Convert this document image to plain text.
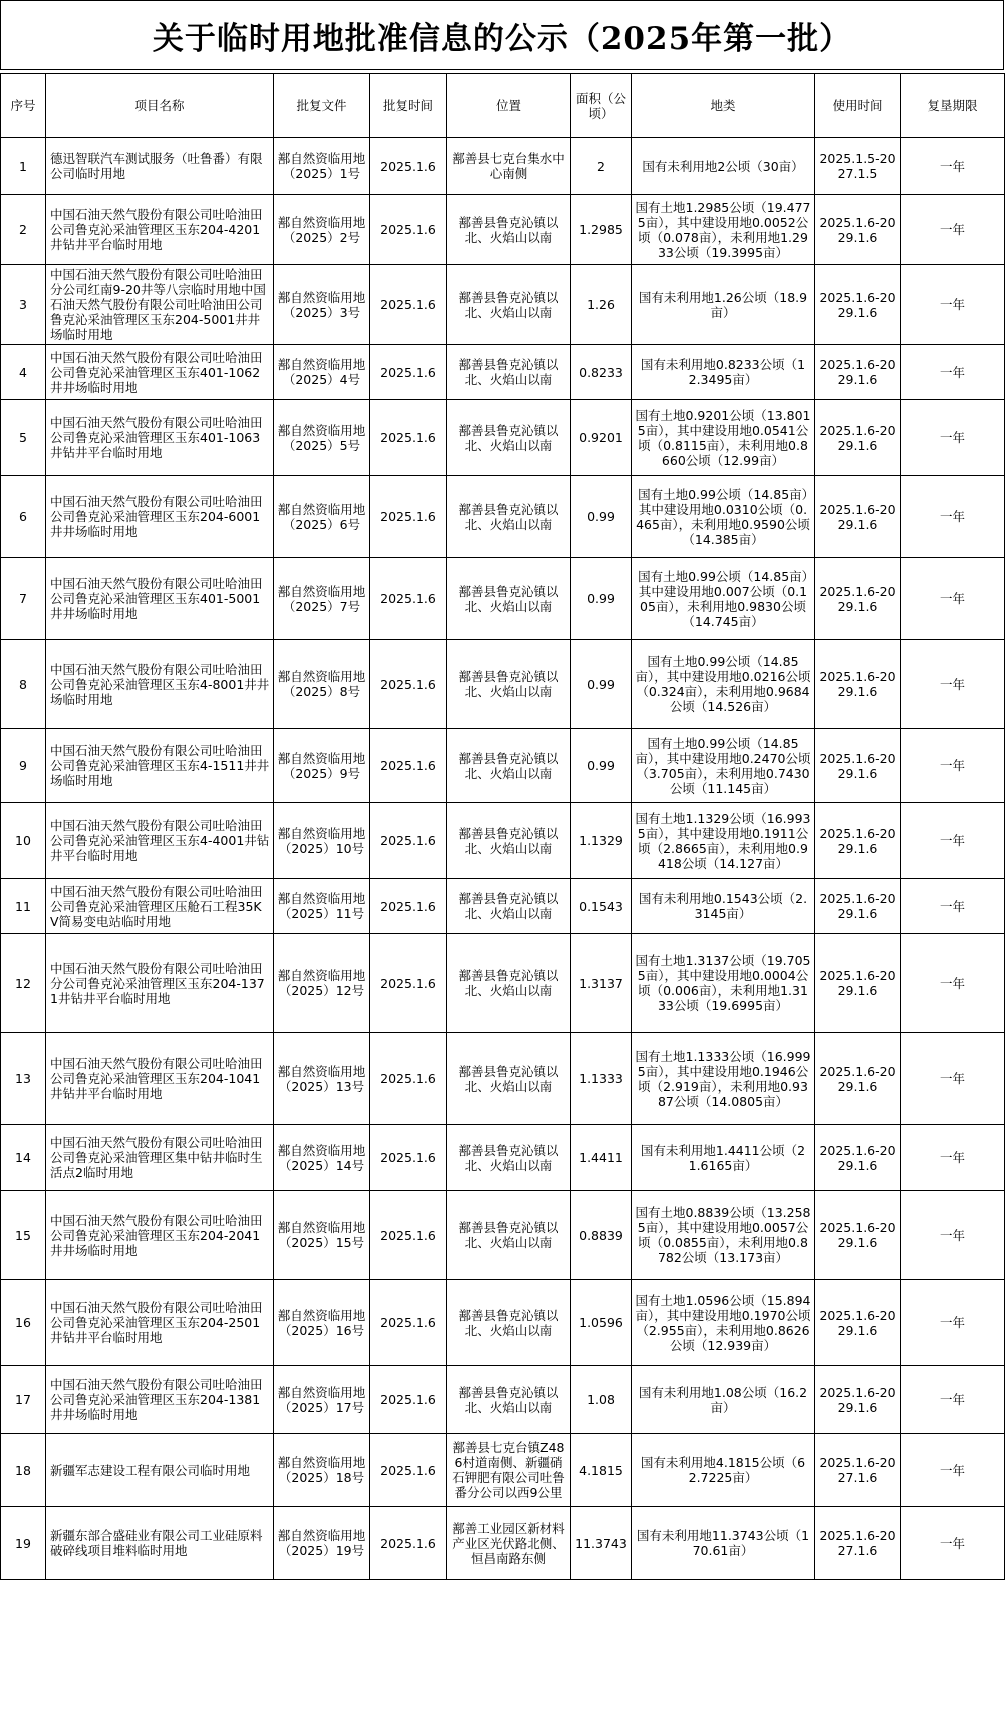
关于临时用地批准信息的公示（2025年第一批）
序号	项目名称	批复文件	批复时间	位置	面积（公顷）	地类	使用时间	复垦期限
1	德迅智联汽车测试服务（吐鲁番）有限公司临时用地	鄯自然资临用地（2025）1号	2025.1.6	鄯善县七克台集水中心南侧	2	国有未利用地2公顷（30亩）	2025.1.5-2027.1.5	一年
2	中国石油天然气股份有限公司吐哈油田公司鲁克沁采油管理区玉东204-4201井钻井平台临时用地	鄯自然资临用地（2025）2号	2025.1.6	鄯善县鲁克沁镇以北、火焰山以南	1.2985	国有土地1.2985公顷（19.4775亩），其中建设用地0.0052公顷（0.078亩），未利用地1.2933公顷（19.3995亩）	2025.1.6-2029.1.6	一年
3	中国石油天然气股份有限公司吐哈油田分公司红南9-20井等八宗临时用地中国石油天然气股份有限公司吐哈油田公司鲁克沁采油管理区玉东204-5001井井场临时用地	鄯自然资临用地（2025）3号	2025.1.6	鄯善县鲁克沁镇以北、火焰山以南	1.26	国有未利用地1.26公顷（18.9亩）	2025.1.6-2029.1.6	一年
4	中国石油天然气股份有限公司吐哈油田公司鲁克沁采油管理区玉东401-1062井井场临时用地	鄯自然资临用地（2025）4号	2025.1.6	鄯善县鲁克沁镇以北、火焰山以南	0.8233	国有未利用地0.8233公顷（12.3495亩）	2025.1.6-2029.1.6	一年
5	中国石油天然气股份有限公司吐哈油田公司鲁克沁采油管理区玉东401-1063井钻井平台临时用地	鄯自然资临用地（2025）5号	2025.1.6	鄯善县鲁克沁镇以北、火焰山以南	0.9201	国有土地0.9201公顷（13.8015亩），其中建设用地0.0541公顷（0.8115亩），未利用地0.8660公顷（12.99亩）	2025.1.6-2029.1.6	一年
6	中国石油天然气股份有限公司吐哈油田公司鲁克沁采油管理区玉东204-6001井井场临时用地	鄯自然资临用地（2025）6号	2025.1.6	鄯善县鲁克沁镇以北、火焰山以南	0.99	国有土地0.99公顷（14.85亩）其中建设用地0.0310公顷（0.465亩），未利用地0.9590公顷（14.385亩）	2025.1.6-2029.1.6	一年
7	中国石油天然气股份有限公司吐哈油田公司鲁克沁采油管理区玉东401-5001井井场临时用地	鄯自然资临用地（2025）7号	2025.1.6	鄯善县鲁克沁镇以北、火焰山以南	0.99	国有土地0.99公顷（14.85亩）其中建设用地0.007公顷（0.105亩），未利用地0.9830公顷（14.745亩）	2025.1.6-2029.1.6	一年
8	中国石油天然气股份有限公司吐哈油田公司鲁克沁采油管理区玉东4-8001井井场临时用地	鄯自然资临用地（2025）8号	2025.1.6	鄯善县鲁克沁镇以北、火焰山以南	0.99	国有土地0.99公顷（14.85亩），其中建设用地0.0216公顷（0.324亩），未利用地0.9684公顷（14.526亩）	2025.1.6-2029.1.6	一年
9	中国石油天然气股份有限公司吐哈油田公司鲁克沁采油管理区玉东4-1511井井场临时用地	鄯自然资临用地（2025）9号	2025.1.6	鄯善县鲁克沁镇以北、火焰山以南	0.99	国有土地0.99公顷（14.85亩），其中建设用地0.2470公顷（3.705亩），未利用地0.7430公顷（11.145亩）	2025.1.6-2029.1.6	一年
10	中国石油天然气股份有限公司吐哈油田公司鲁克沁采油管理区玉东4-4001井钻井平台临时用地	鄯自然资临用地（2025）10号	2025.1.6	鄯善县鲁克沁镇以北、火焰山以南	1.1329	国有土地1.1329公顷（16.9935亩），其中建设用地0.1911公顷（2.8665亩），未利用地0.9418公顷（14.127亩）	2025.1.6-2029.1.6	一年
11	中国石油天然气股份有限公司吐哈油田公司鲁克沁采油管理区压舱石工程35KV简易变电站临时用地	鄯自然资临用地（2025）11号	2025.1.6	鄯善县鲁克沁镇以北、火焰山以南	0.1543	国有未利用地0.1543公顷（2.3145亩）	2025.1.6-2029.1.6	一年
12	中国石油天然气股份有限公司吐哈油田分公司鲁克沁采油管理区玉东204-1371井钻井平台临时用地	鄯自然资临用地（2025）12号	2025.1.6	鄯善县鲁克沁镇以北、火焰山以南	1.3137	国有土地1.3137公顷（19.7055亩），其中建设用地0.0004公顷（0.006亩），未利用地1.3133公顷（19.6995亩）	2025.1.6-2029.1.6	一年
13	中国石油天然气股份有限公司吐哈油田公司鲁克沁采油管理区玉东204-1041井钻井平台临时用地	鄯自然资临用地（2025）13号	2025.1.6	鄯善县鲁克沁镇以北、火焰山以南	1.1333	国有土地1.1333公顷（16.9995亩），其中建设用地0.1946公顷（2.919亩），未利用地0.9387公顷（14.0805亩）	2025.1.6-2029.1.6	一年
14	中国石油天然气股份有限公司吐哈油田公司鲁克沁采油管理区集中钻井临时生活点2临时用地	鄯自然资临用地（2025）14号	2025.1.6	鄯善县鲁克沁镇以北、火焰山以南	1.4411	国有未利用地1.4411公顷（21.6165亩）	2025.1.6-2029.1.6	一年
15	中国石油天然气股份有限公司吐哈油田公司鲁克沁采油管理区玉东204-2041井井场临时用地	鄯自然资临用地（2025）15号	2025.1.6	鄯善县鲁克沁镇以北、火焰山以南	0.8839	国有土地0.8839公顷（13.2585亩），其中建设用地0.0057公顷（0.0855亩），未利用地0.8782公顷（13.173亩）	2025.1.6-2029.1.6	一年
16	中国石油天然气股份有限公司吐哈油田公司鲁克沁采油管理区玉东204-2501井钻井平台临时用地	鄯自然资临用地（2025）16号	2025.1.6	鄯善县鲁克沁镇以北、火焰山以南	1.0596	国有土地1.0596公顷（15.894亩），其中建设用地0.1970公顷（2.955亩），未利用地0.8626公顷（12.939亩）	2025.1.6-2029.1.6	一年
17	中国石油天然气股份有限公司吐哈油田公司鲁克沁采油管理区玉东204-1381井井场临时用地	鄯自然资临用地（2025）17号	2025.1.6	鄯善县鲁克沁镇以北、火焰山以南	1.08	国有未利用地1.08公顷（16.2亩）	2025.1.6-2029.1.6	一年
18	新疆军志建设工程有限公司临时用地	鄯自然资临用地（2025）18号	2025.1.6	鄯善县七克台镇Z486村道南侧、新疆硝石钾肥有限公司吐鲁番分公司以西9公里	4.1815	国有未利用地4.1815公顷（62.7225亩）	2025.1.6-2027.1.6	一年
19	新疆东部合盛硅业有限公司工业硅原料破碎线项目堆料临时用地	鄯自然资临用地（2025）19号	2025.1.6	鄯善工业园区新材料产业区光伏路北侧、恒昌南路东侧	11.3743	国有未利用地11.3743公顷（170.61亩）	2025.1.6-2027.1.6	一年
